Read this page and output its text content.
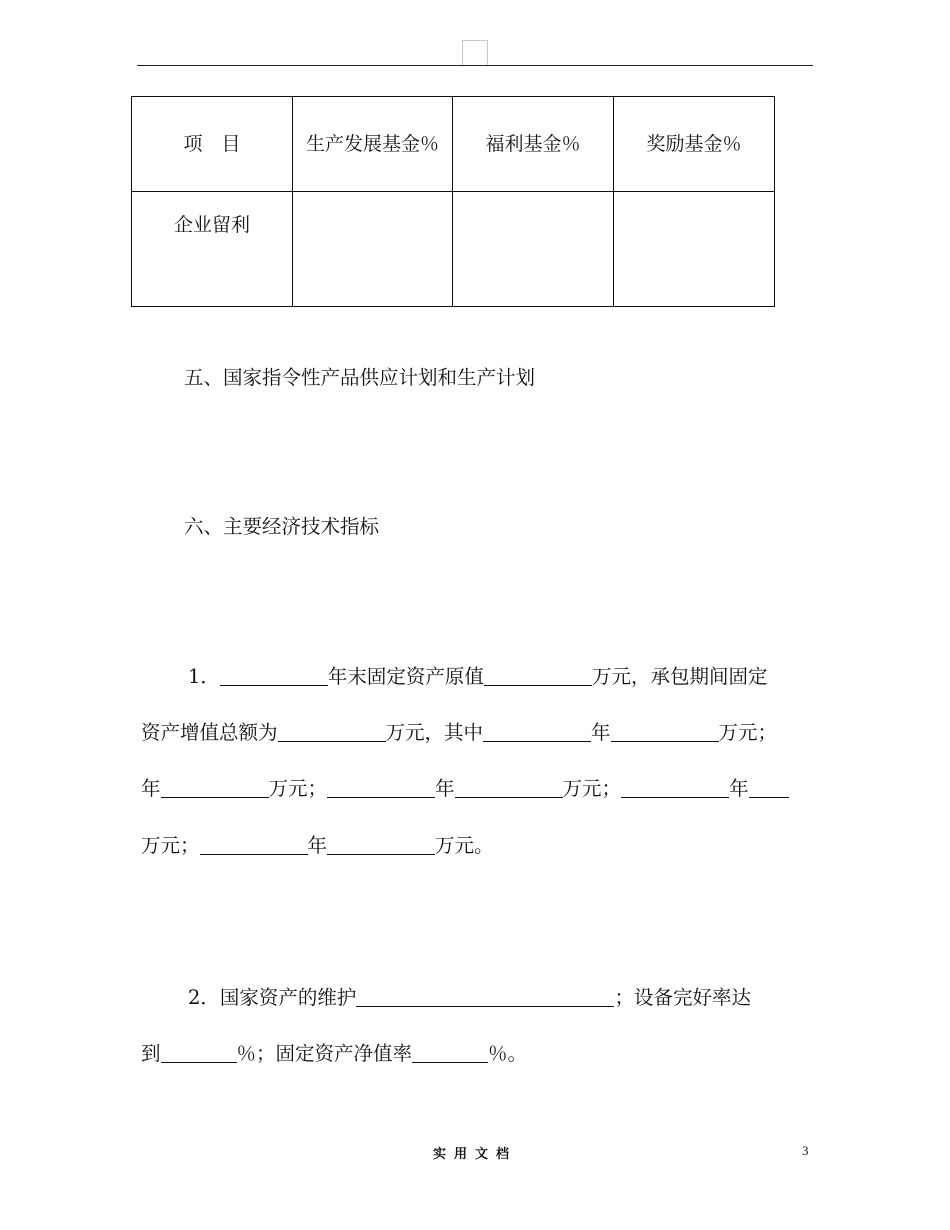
项　目	生产发展基金％	福利基金％	奖励基金％
企业留利			
五、国家指令性产品供应计划和生产计划
六、主要经济技术指标
1．	年末固定资产原值	万元，承包期间固定
资产增值总额为	万元，其中	年	万元；
年	万元；	年	万元；	年
万元；	年	万元。
2．国家资产的维护	；设备完好率达
到	％；固定资产净值率	％。
实用文档	3
